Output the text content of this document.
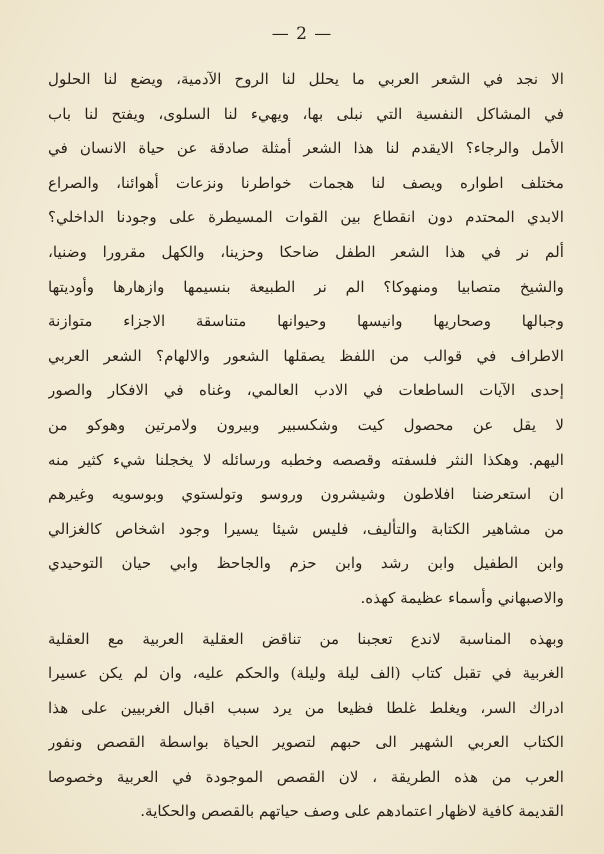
— 2 —
الا نجد في الشعر العربي ما يحلل لنا الروح الآدمية، ويضع لنا الحلول
في المشاكل النفسية التي نبلى بها، ويهيء لنا السلوى، ويفتح لنا باب
الأمل والرجاء؟ الايقدم لنا هذا الشعر أمثلة صادقة عن حياة الانسان في
مختلف اطواره ويصف لنا هجمات خواطرنا ونزعات أهوائنا، والصراع
الابدي المحتدم دون انقطاع بين القوات المسيطرة على وجودنا الداخلي؟
ألم نر في هذا الشعر الطفل ضاحكا وحزينا، والكهل مقرورا وضنيا،
والشيخ متصابيا ومنهوكا؟ الم نر الطبيعة بنسيمها وازهارها وأوديتها
وجبالها وصحاريها وانيسها وحيوانها متناسقة الاجزاء متوازنة
الاطراف في قوالب من اللفظ يصقلها الشعور والالهام؟ الشعر العربي
إحدى الآيات الساطعات في الادب العالمي، وغناه في الافكار والصور
لا يقل عن محصول كيت وشكسبير وبيرون ولامرتين وهوكو من
اليهم. وهكذا النثر فلسفته وقصصه وخطبه ورسائله لا يخجلنا شيء كثير منه
ان استعرضنا افلاطون وشيشرون وروسو وتولستوي وبوسويه وغيرهم
من مشاهير الكتابة والتأليف، فليس شيئا يسيرا وجود اشخاص كالغزالي
وابن الطفيل وابن رشد وابن حزم والجاحظ وابي حيان التوحيدي
والاصبهاني وأسماء عظيمة كهذه.
وبهذه المناسبة لاندع تعجبنا من تناقض العقلية العربية مع العقلية
الغربية في تقبل كتاب (الف ليلة وليلة) والحكم عليه، وان لم يكن عسيرا
ادراك السر، ويغلط غلطا فظيعا من يرد سبب اقبال الغربيين على هذا
الكتاب العربي الشهير الى حبهم لتصوير الحياة بواسطة القصص ونفور
العرب من هذه الطريقة ، لان القصص الموجودة في العربية وخصوصا
القديمة كافية لاظهار اعتمادهم على وصف حياتهم بالقصص والحكاية.
